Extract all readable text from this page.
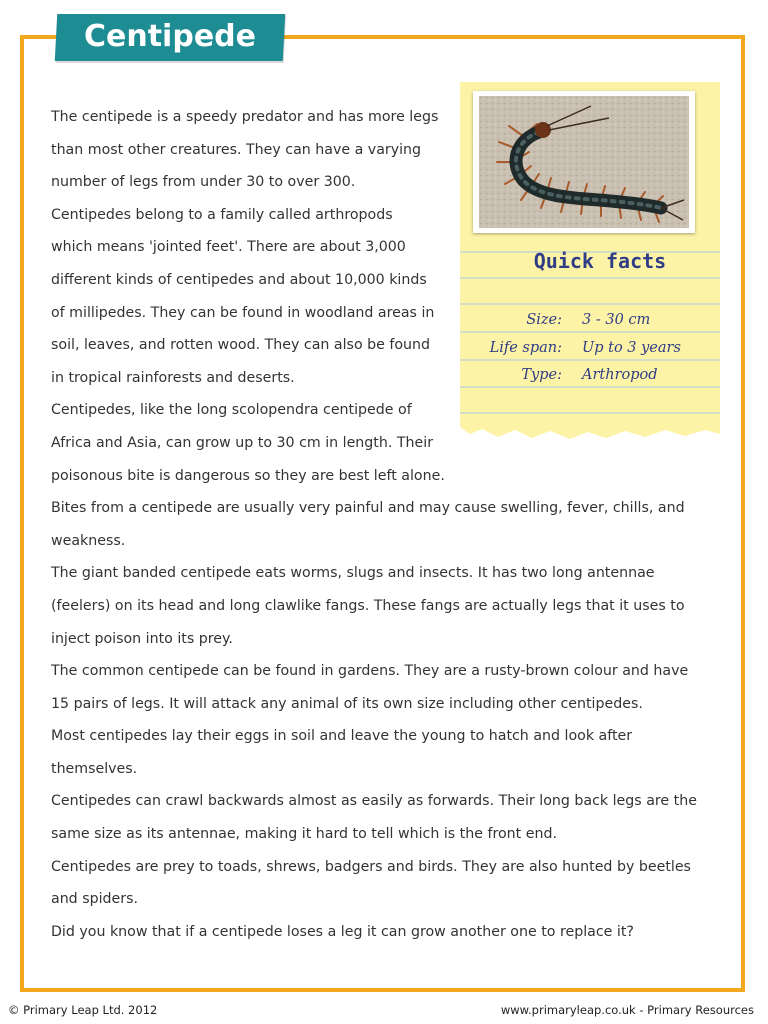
Centipede
Quick facts
Size: 3 - 30 cm
Life span: Up to 3 years
Type: Arthropod
The centipede is a speedy predator and has more legs
than most other creatures. They can have a varying
number of legs from under 30 to over 300.
Centipedes belong to a family called arthropods
which means 'jointed feet'. There are about 3,000
different kinds of centipedes and about 10,000 kinds
of millipedes. They can be found in woodland areas in
soil, leaves, and rotten wood. They can also be found
in tropical rainforests and deserts.
Centipedes, like the long scolopendra centipede of
Africa and Asia, can grow up to 30 cm in length. Their
poisonous bite is dangerous so they are best left alone.
Bites from a centipede are usually very painful and may cause swelling, fever, chills, and
weakness.
The giant banded centipede eats worms, slugs and insects. It has two long antennae
(feelers) on its head and long clawlike fangs. These fangs are actually legs that it uses to
inject poison into its prey.
The common centipede can be found in gardens. They are a rusty-brown colour and have
15 pairs of legs. It will attack any animal of its own size including other centipedes.
Most centipedes lay their eggs in soil and leave the young to hatch and look after
themselves.
Centipedes can crawl backwards almost as easily as forwards. Their long back legs are the
same size as its antennae, making it hard to tell which is the front end.
Centipedes are prey to toads, shrews, badgers and birds. They are also hunted by beetles
and spiders.
Did you know that if a centipede loses a leg it can grow another one to replace it?
© Primary Leap Ltd. 2012	www.primaryleap.co.uk - Primary Resources
